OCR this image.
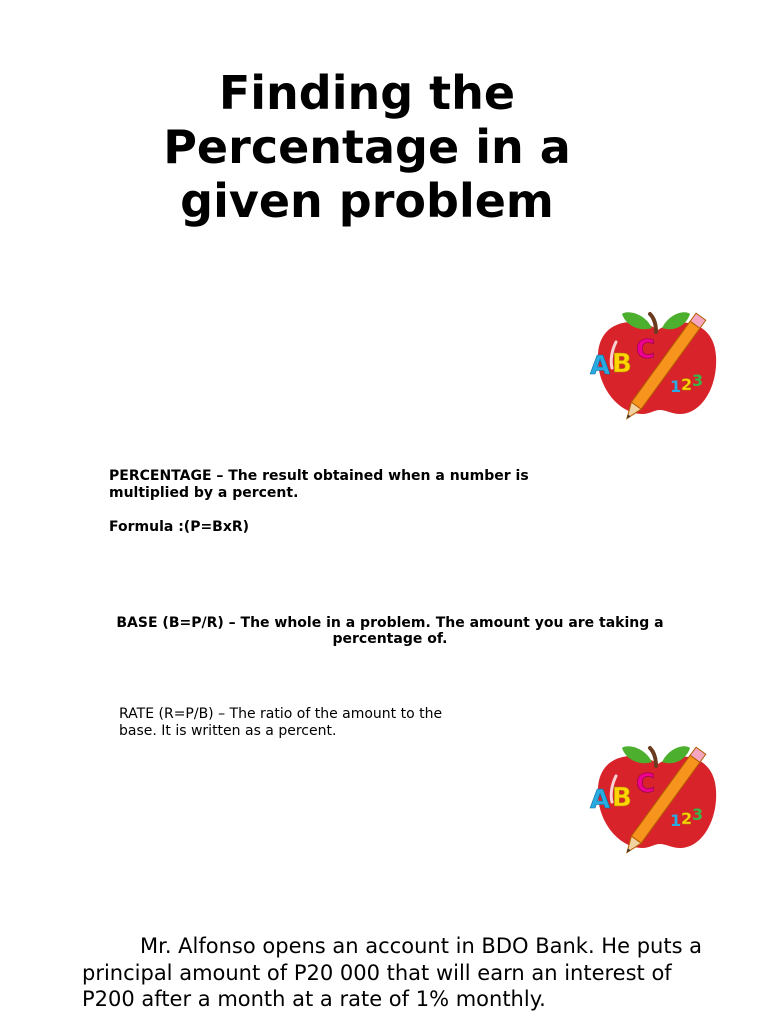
Finding the
Percentage in a
given problem
A B C
1 2 3

PERCENTAGE – The result obtained when a number is multiplied by a percent.

Formula :(P=BxR)

BASE (B=P/R) – The whole in a problem. The amount you are taking a percentage of.

RATE (R=P/B) – The ratio of the amount to the base. It is written as a percent.

A B C
1 2 3

Mr. Alfonso opens an account in BDO Bank. He puts a principal amount of P20 000 that will earn an interest of P200 after a month at a rate of 1% monthly.
